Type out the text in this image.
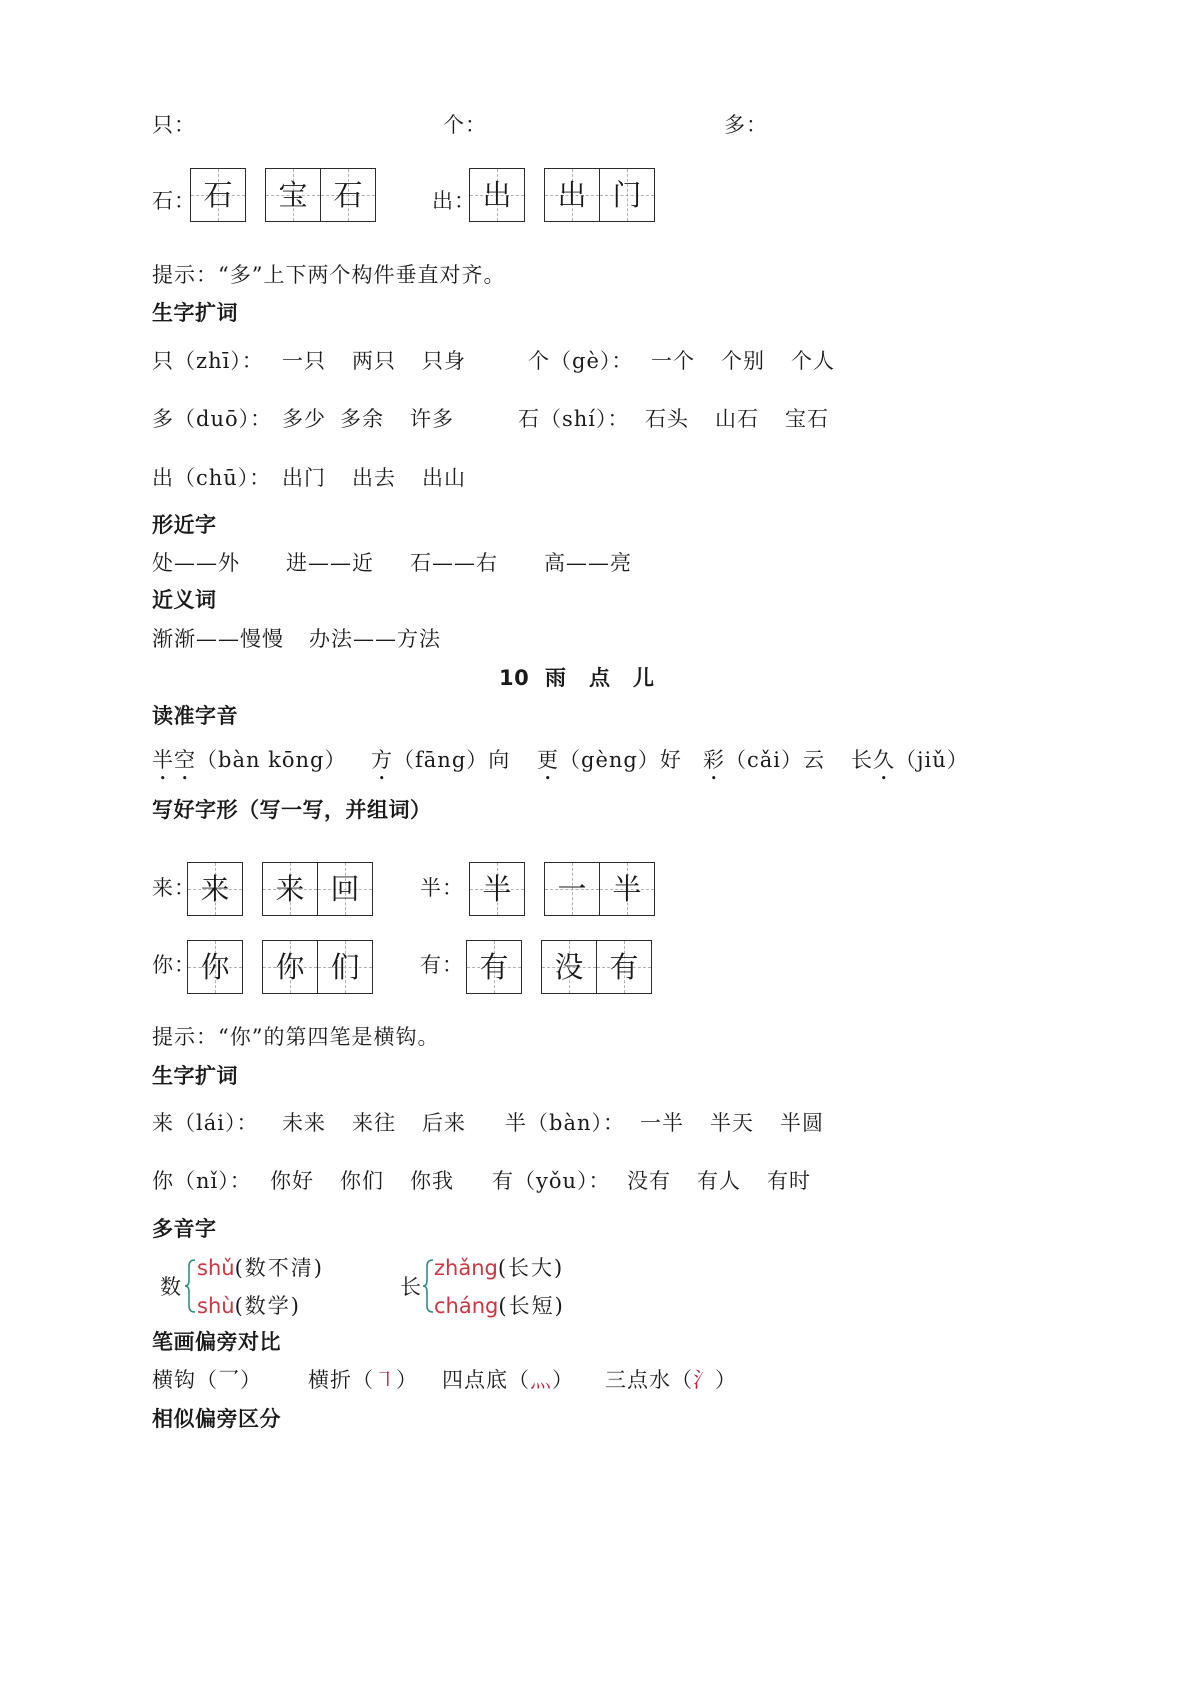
只：	个：	多：
石： 石	宝 石	出： 出	出 门
提示：“多”上下两个构件垂直对齐。
生字扩词
只（zhī）： 一只 两只 只身	个（gè）： 一个 个别 个人
多（duō）： 多少 多余 许多	石（shí）： 石头 山石 宝石
出（chū）： 出门 出去 出山
形近字
处——外 进——近 石——右 高——亮
近义词
渐渐——慢慢 办法——方法
10 雨 点 儿
读准字音
半空（bàn kōng） 方（fāng）向 更（gèng）好 彩（cǎi）云 长久（jiǔ）
写好字形（写一写，并组词）
来： 来	来 回	半： 半	一 半
你： 你	你 们	有： 有	没 有
提示：“你”的第四笔是横钩。
生字扩词
来（lái）： 未来 来往 后来	半（bàn）： 一半 半天 半圆
你（nǐ）： 你好 你们 你我	有（yǒu）： 没有 有人 有时
多音字
数
shǔ(数不清)
shù(数学)
长
zhǎng(长大)
cháng(长短)
笔画偏旁对比
横钩（乛） 横折（㇕） 四点底（灬） 三点水（氵）
相似偏旁区分
